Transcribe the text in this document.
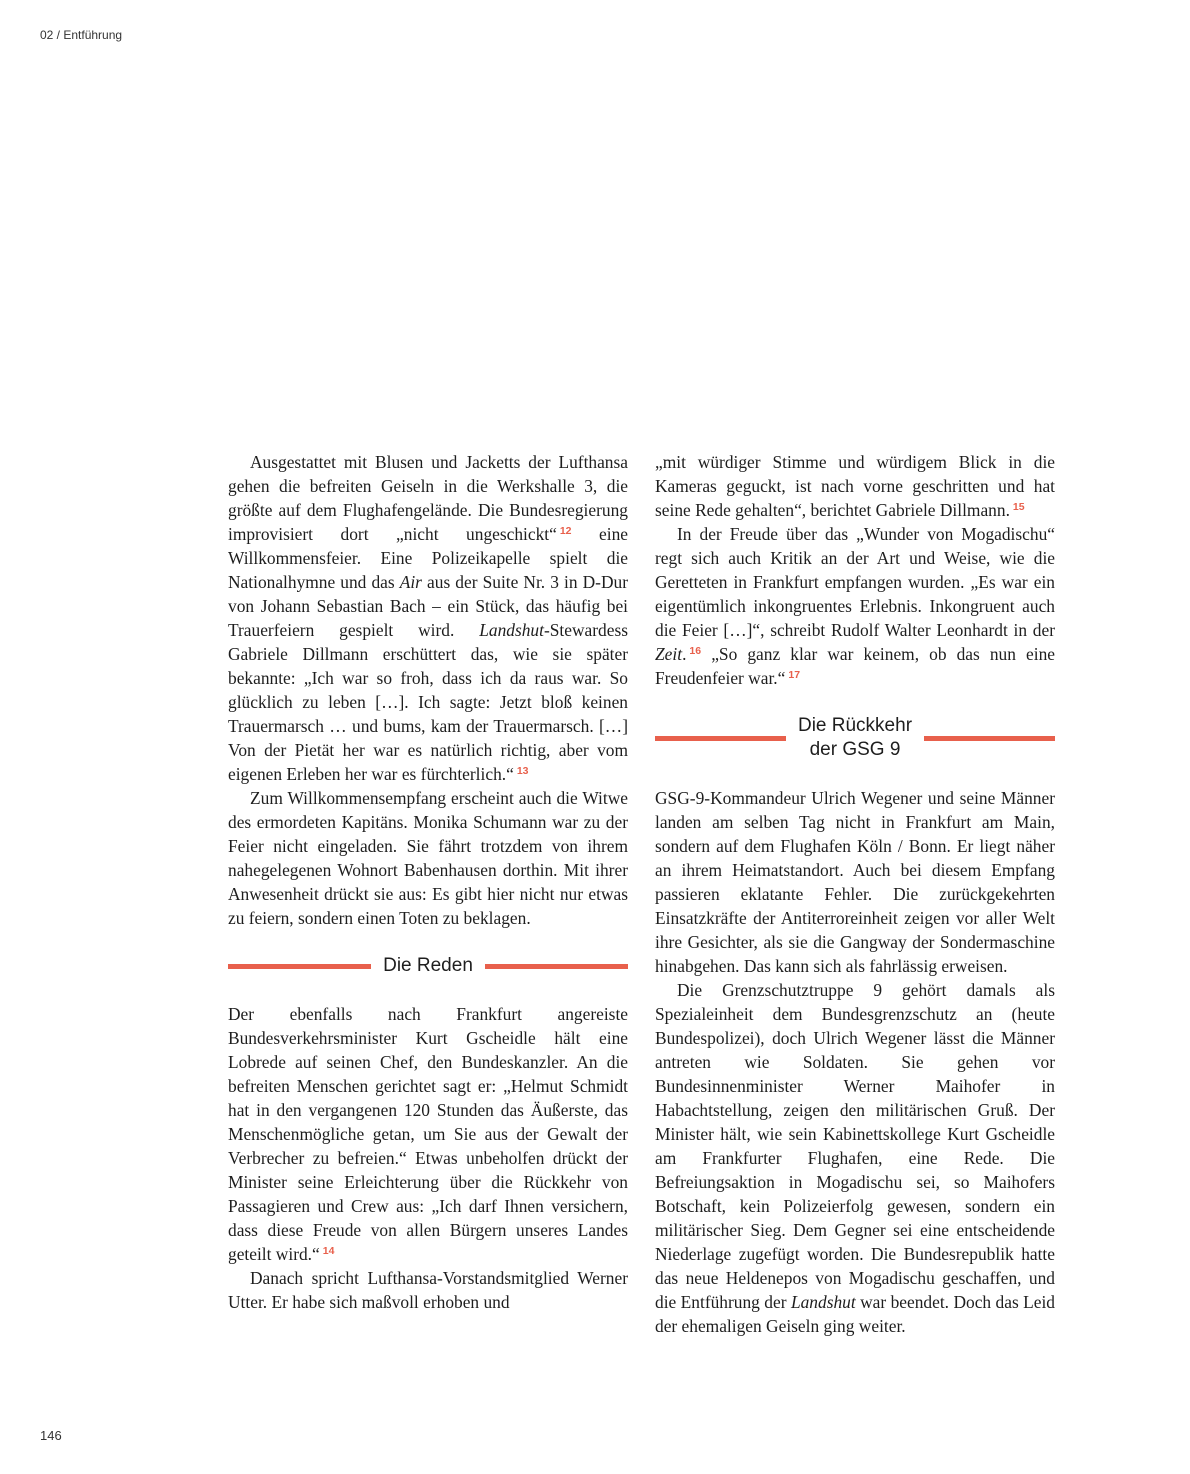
02 / Entführung

Ausgestattet mit Blusen und Jacketts der Lufthansa gehen die befreiten Geiseln in die Werkshalle 3, die größte auf dem Flughafengelände. Die Bundesregierung improvisiert dort „nicht ungeschickt“ $^{12}$ eine Willkommensfeier. Eine Polizeikapelle spielt die Nationalhymne und das Air aus der Suite Nr. 3 in D-Dur von Johann Sebastian Bach – ein Stück, das häufig bei Trauerfeiern gespielt wird. Landshut-Stewardess Gabriele Dillmann erschüttert das, wie sie später bekannte: „Ich war so froh, dass ich da raus war. So glücklich zu leben […]. Ich sagte: Jetzt bloß keinen Trauermarsch … und bums, kam der Trauermarsch. […] Von der Pietät her war es natürlich richtig, aber vom eigenen Erleben her war es fürchterlich.“ $^{13}$

Zum Willkommensempfang erscheint auch die Witwe des ermordeten Kapitäns. Monika Schumann war zu der Feier nicht eingeladen. Sie fährt trotzdem von ihrem nahegelegenen Wohnort Babenhausen dorthin. Mit ihrer Anwesenheit drückt sie aus: Es gibt hier nicht nur etwas zu feiern, sondern einen Toten zu beklagen.

Die Reden

Der ebenfalls nach Frankfurt angereiste Bundesverkehrsminister Kurt Gscheidle hält eine Lobrede auf seinen Chef, den Bundeskanzler. An die befreiten Menschen gerichtet sagt er: „Helmut Schmidt hat in den vergangenen 120 Stunden das Äußerste, das Menschenmögliche getan, um Sie aus der Gewalt der Verbrecher zu befreien.“ Etwas unbeholfen drückt der Minister seine Erleichterung über die Rückkehr von Passagieren und Crew aus: „Ich darf Ihnen versichern, dass diese Freude von allen Bürgern unseres Landes geteilt wird.“ $^{14}$

Danach spricht Lufthansa-Vorstandsmitglied Werner Utter. Er habe sich maßvoll erhoben und

„mit würdiger Stimme und würdigem Blick in die Kameras geguckt, ist nach vorne geschritten und hat seine Rede gehalten“, berichtet Gabriele Dillmann. $^{15}$

In der Freude über das „Wunder von Mogadischu“ regt sich auch Kritik an der Art und Weise, wie die Geretteten in Frankfurt empfangen wurden. „Es war ein eigentümlich inkongruentes Erlebnis. Inkongruent auch die Feier […]“, schreibt Rudolf Walter Leonhardt in der Zeit. $^{16}$ „So ganz klar war keinem, ob das nun eine Freudenfeier war.“ $^{17}$

Die Rückkehr
der GSG 9

GSG-9-Kommandeur Ulrich Wegener und seine Männer landen am selben Tag nicht in Frankfurt am Main, sondern auf dem Flughafen Köln / Bonn. Er liegt näher an ihrem Heimatstandort. Auch bei diesem Empfang passieren eklatante Fehler. Die zurückgekehrten Einsatzkräfte der Antiterroreinheit zeigen vor aller Welt ihre Gesichter, als sie die Gangway der Sondermaschine hinabgehen. Das kann sich als fahrlässig erweisen.

Die Grenzschutztruppe 9 gehört damals als Spezialeinheit dem Bundesgrenzschutz an (heute Bundespolizei), doch Ulrich Wegener lässt die Männer antreten wie Soldaten. Sie gehen vor Bundesinnenminister Werner Maihofer in Habachtstellung, zeigen den militärischen Gruß. Der Minister hält, wie sein Kabinettskollege Kurt Gscheidle am Frankfurter Flughafen, eine Rede. Die Befreiungsaktion in Mogadischu sei, so Maihofers Botschaft, kein Polizeierfolg gewesen, sondern ein militärischer Sieg. Dem Gegner sei eine entscheidende Niederlage zugefügt worden. Die Bundesrepublik hatte das neue Heldenepos von Mogadischu geschaffen, und die Entführung der Landshut war beendet. Doch das Leid der ehemaligen Geiseln ging weiter.

146
